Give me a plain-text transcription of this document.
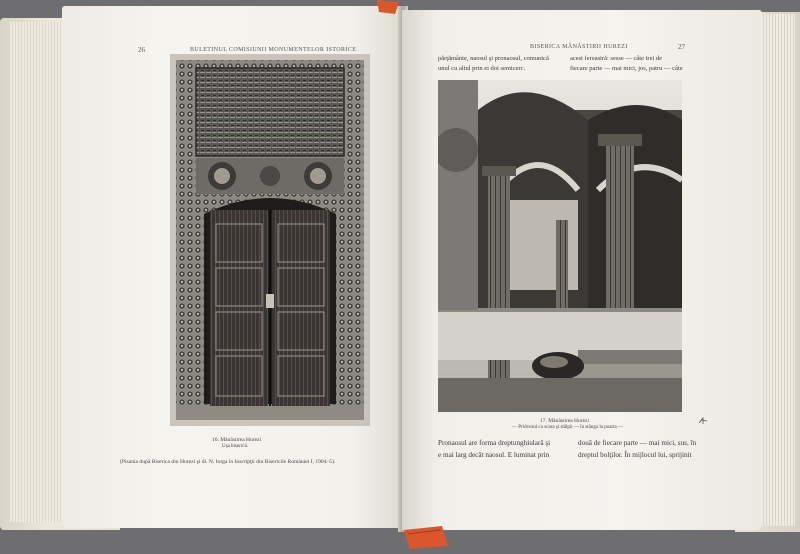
26	BULETINUL COMISIUNII MONUMENTELOR ISTORICE
16. Mănăstirea Hurezi
Ușa bisericii.
(Pisania după Biserica din Hurezi şi dl. N. Iorga în Inscripţii din Bisericile României I, 1904–5).
BISERICA MĂNĂSTIRII HUREZI	27
părţământe, naosul şi pronaosul, comunică
unul cu altul prin ei doi semicerc.
acest fereastră: sesse — câte trei de
fiecare parte — mai mici, jos, patru — câte
17. Mănăstirea Hurezi
— Pridvorul cu scara şi stâlpii — în stânga la poarta —
Pronaosul are forma dreptunghiulară şi
e mai larg decât naosul. E luminat prin
două de fiecare parte — mai mici, sus, în
dreptul bolţilor. În mijlocul lui, sprijinit
